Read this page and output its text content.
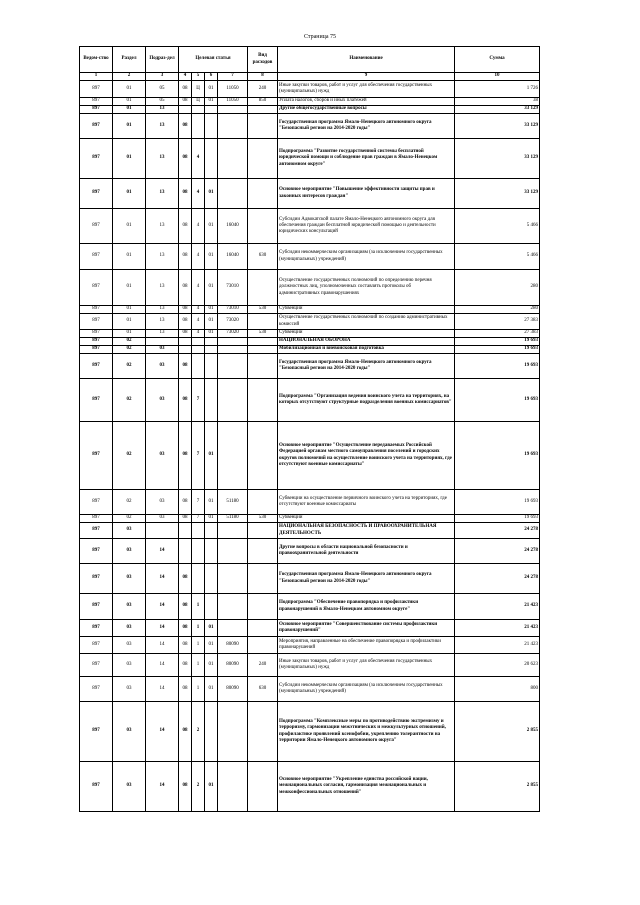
Страница 75
Ведом-ство	Раздел	Подраз-дел	Целевая статья				Вид расходов	Наименование	Сумма
1	2	3	4	5	6	7	8	9	10
897	01	05	08	Ц	01	11050	240	Иные закупки товаров, работ и услуг для обеспечения государственных (муниципальных) нужд	1 726
897	01	05	08	Ц	01	11050	850	Уплата налогов, сборов и иных платежей	38
897	01	13						Другие общегосударственные вопросы	33 129
897	01	13	08					Государственная программа Ямало-Ненецкого автономного округа "Безопасный регион на 2014-2020 годы"	33 129
897	01	13	08	4				Подпрограмма "Развитие государственной системы бесплатной юридической помощи и соблюдение прав граждан в Ямало-Ненецком автономном округе"	33 129
897	01	13	08	4	01			Основное мероприятие "Повышение эффективности защиты прав и законных интересов граждан"	33 129
897	01	13	08	4	01	16040		Субсидии Адвокатской палате Ямало-Ненецкого автономного округа для обеспечения граждан бесплатной юридической помощью и деятельности юридических консультаций	5 466
897	01	13	08	4	01	16040	630	Субсидии некоммерческим организациям (за исключением государственных (муниципальных) учреждений)	5 466
897	01	13	08	4	01	73010		Осуществление государственных полномочий по определению перечня должностных лиц, уполномоченных составлять протоколы об административных правонарушениях	280
897	01	13	08	4	01	73010	530	Субвенции	280
897	01	13	08	4	01	73020		Осуществление государственных полномочий по созданию административных комиссий	27 383
897	01	13	08	4	01	73020	530	Субвенции	27 383
897	02							НАЦИОНАЛЬНАЯ ОБОРОНА	19 693
897	02	03						Мобилизационная и вневойсковая подготовка	19 693
897	02	03	08					Государственная программа Ямало-Ненецкого автономного округа "Безопасный регион на 2014-2020 годы"	19 693
897	02	03	08	7				Подпрограмма "Организация ведения воинского учета на территориях, на которых отсутствуют структурные подразделения военных комиссариатов"	19 693
897	02	03	08	7	01			Основное мероприятие "Осуществление передаваемых Российской Федерацией органам местного самоуправления поселений и городских округов полномочий на осуществление воинского учета на территориях, где отсутствуют военные комиссариаты"	19 693
897	02	03	08	7	01	51180		Субвенции на осуществление первичного воинского учета на территориях, где отсутствуют военные комиссариаты	19 693
897	02	03	08	7	01	51180	530	Субвенции	19 693
897	03							НАЦИОНАЛЬНАЯ БЕЗОПАСНОСТЬ И ПРАВООХРАНИТЕЛЬНАЯ ДЕЯТЕЛЬНОСТЬ	24 278
897	03	14						Другие вопросы в области национальной безопасности и правоохранительной деятельности	24 278
897	03	14	08					Государственная программа Ямало-Ненецкого автономного округа "Безопасный регион на 2014-2020 годы"	24 278
897	03	14	08	1				Подпрограмма "Обеспечение правопорядка и профилактики правонарушений в Ямало-Ненецком автономном округе"	21 423
897	03	14	08	1	01			Основное мероприятие "Совершенствование системы профилактики правонарушений"	21 423
897	03	14	08	1	01	80090		Мероприятия, направленные на обеспечение правопорядка и профилактики правонарушений	21 423
897	03	14	08	1	01	80090	240	Иные закупки товаров, работ и услуг для обеспечения государственных (муниципальных) нужд	20 623
897	03	14	08	1	01	80090	630	Субсидии некоммерческим организациям (за исключением государственных (муниципальных) учреждений)	800
897	03	14	08	2				Подпрограмма "Комплексные меры по противодействию экстремизму и терроризму, гармонизации межэтнических и межкультурных отношений, профилактике проявлений ксенофобии, укреплению толерантности на территории Ямало-Ненецкого автономного округа"	2 855
897	03	14	08	2	01			Основное мероприятие "Укрепление единства российской нации, межнациональных согласия, гармонизация межнациональных и межконфессиональных отношений"	2 855
